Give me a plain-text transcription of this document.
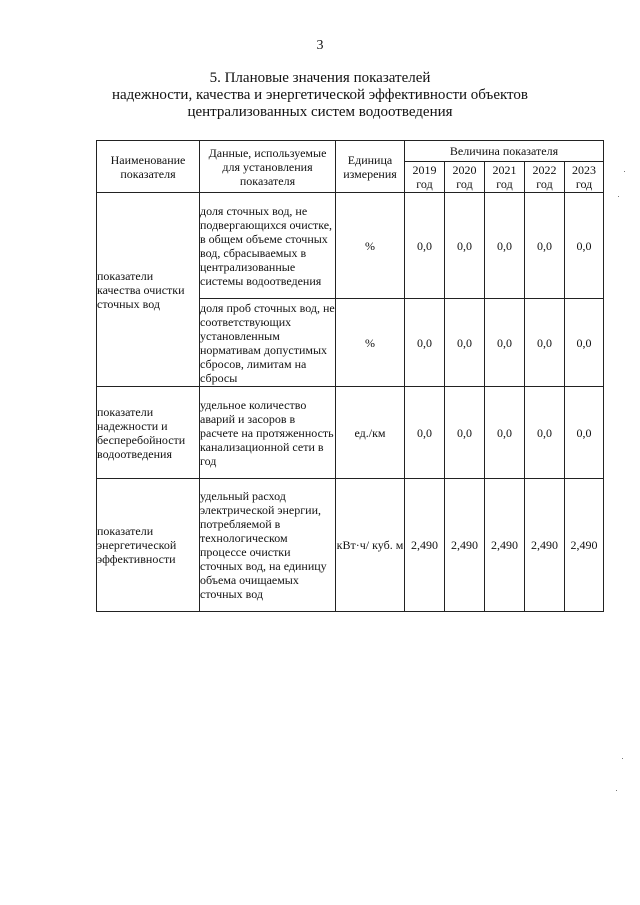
3
5. Плановые значения показателей
надежности, качества и энергетической эффективности объектов
централизованных систем водоотведения
Наименование показателя	Данные, используемые для установления показателя	Единица измерения	Величина показателя				
			2019 год	2020 год	2021 год	2022 год	2023 год
показатели качества очистки сточных вод	доля сточных вод, не подвергающихся очистке, в общем объеме сточных вод, сбрасываемых в централизованные системы водоотведения	%	0,0	0,0	0,0	0,0	0,0
	доля проб сточных вод, не соответствующих установленным нормативам допустимых сбросов, лимитам на сбросы	%	0,0	0,0	0,0	0,0	0,0
показатели надежности и бесперебойности водоотведения	удельное количество аварий и засоров в расчете на протяженность канализационной сети в год	ед./км	0,0	0,0	0,0	0,0	0,0
показатели энергетической эффективности	удельный расход электрической энергии, потребляемой в технологическом процессе очистки сточных вод, на единицу объема очищаемых сточных вод	кВт·ч/ куб. м	2,490	2,490	2,490	2,490	2,490
